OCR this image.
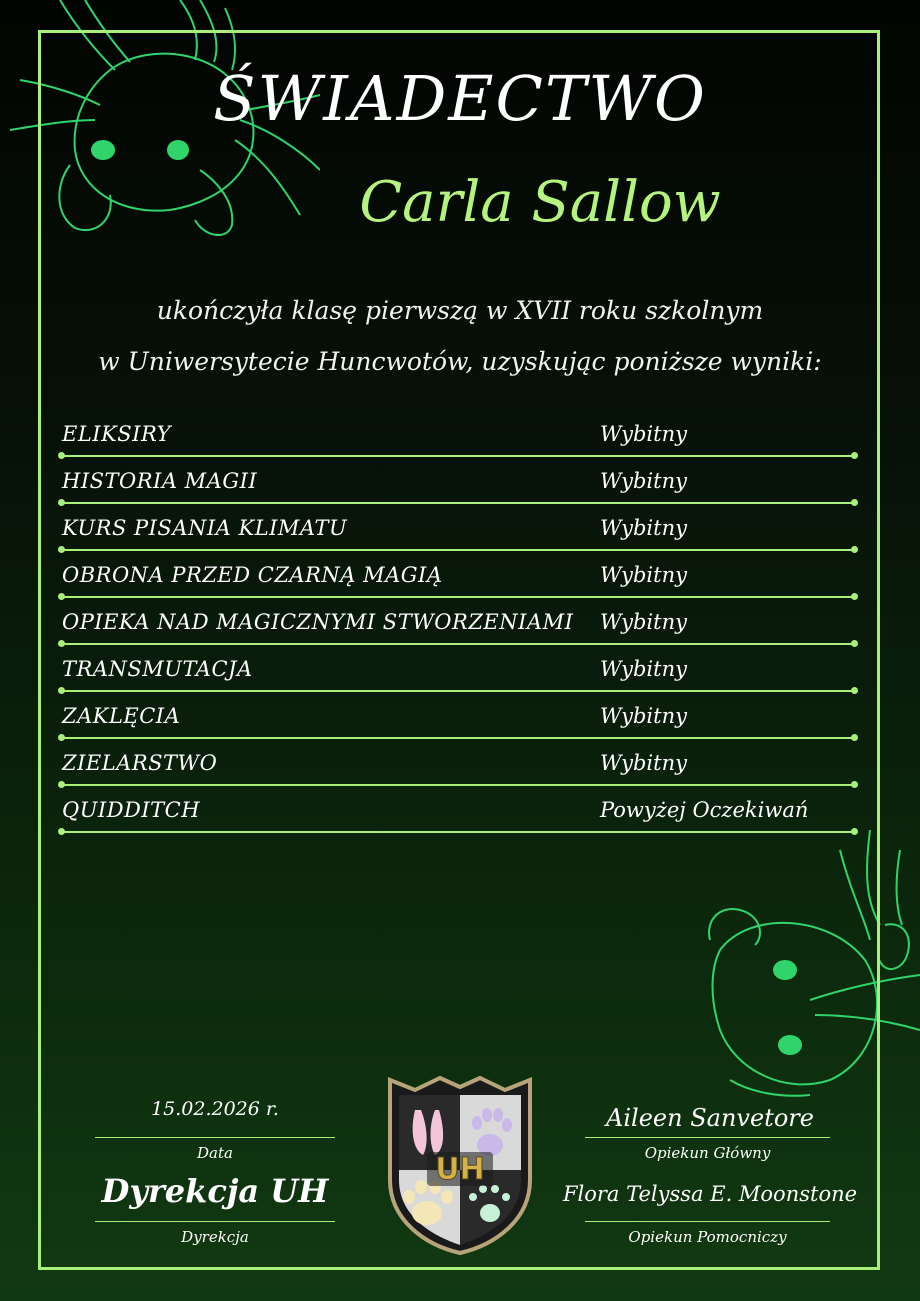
ŚWIADECTWO
Carla Sallow
ukończyła klasę pierwszą w XVII roku szkolnym
w Uniwersytecie Huncwotów, uzyskując poniższe wyniki:
ELIKSIRY	Wybitny
HISTORIA MAGII	Wybitny
KURS PISANIA KLIMATU	Wybitny
OBRONA PRZED CZARNĄ MAGIĄ	Wybitny
OPIEKA NAD MAGICZNYMI STWORZENIAMI Wybitny
TRANSMUTACJA	Wybitny
ZAKLĘCIA	Wybitny
ZIELARSTWO	Wybitny
QUIDDITCH	Powyżej Oczekiwań
15.02.2026 r.
Data
Dyrekcja UH
Dyrekcja
UH
Aileen Sanvetore
Opiekun Główny
Flora Telyssa E. Moonstone
Opiekun Pomocniczy
